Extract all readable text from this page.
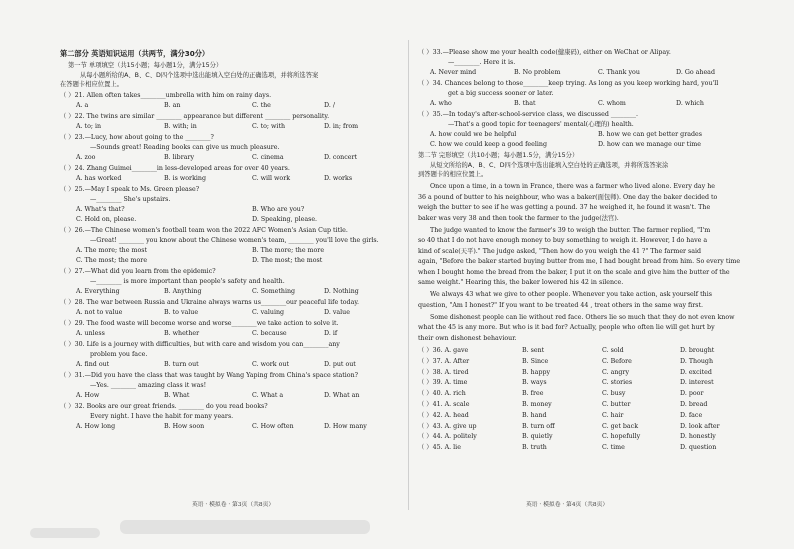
第二部分 英语知识运用（共两节，满分30分）
第一节 单项填空（共15小题；每小题1分，满分15分）
从每小题所给的A、B、C、D四个选项中选出能填入空白处的正确选项，并将所选答案
在答题卡相应位置上。
（ ）21. Allen often takes________umbrella with him on rainy days.
A. a	B. an	C. the	D. /
（ ）22. The twins are similar ________ appearance but different ________ personality.
A. to; in	B. with; in	C. to; with	D. in; from
（ ）23.—Lucy, how about going to the ________?
—Sounds great! Reading books can give us much pleasure.
A. zoo	B. library	C. cinema	D. concert
（ ）24. Zhang Guimei________in less-developed areas for over 40 years.
A. has worked	B. is working	C. will work	D. works
（ ）25.—May I speak to Ms. Green please?
—________ She's upstairs.
A. What's that?	B. Who are you?
C. Hold on, please.	D. Speaking, please.
（ ）26.—The Chinese women's football team won the 2022 AFC Women's Asian Cup title.
—Great! ________ you know about the Chinese women's team, ________ you'll love the girls.
A. The more; the most	B. The more; the more
C. The most; the more	D. The most; the most
（ ）27.—What did you learn from the epidemic?
—________ is more important than people's safety and health.
A. Everything	B. Anything	C. Something	D. Nothing
（ ）28. The war between Russia and Ukraine always warns us________our peaceful life today.
A. not to value	B. to value	C. valuing	D. value
（ ）29. The food waste will become worse and worse________we take action to solve it.
A. unless	B. whether	C. because	D. if
（ ）30. Life is a journey with difficulties, but with care and wisdom you can________any
problem you face.
A. find out	B. turn out	C. work out	D. put out
（ ）31.—Did you have the class that was taught by Wang Yaping from China's space station?
—Yes. ________ amazing class it was!
A. How	B. What	C. What a	D. What an
（ ）32. Books are our great friends. ________ do you read books?
Every night. I have the habit for many years.
A. How long	B. How soon	C. How often	D. How many
（ ）33.—Please show me your health code(健康码), either on WeChat or Alipay.
—________. Here it is.
A. Never mind	B. No problem	C. Thank you	D. Go ahead
（ ）34. Chances belong to those________keep trying. As long as you keep working hard, you'll
get a big success sooner or later.
A. who	B. that	C. whom	D. which
（ ）35.—In today's after-school-service class, we discussed ________.
—That's a good topic for teenagers' mental(心理的) health.
A. how could we be helpful	B. how we can get better grades
C. how we could keep a good feeling	D. how can we manage our time
第二节 完形填空（共10小题；每小题1.5分，满分15分）
从短文所给的A、B、C、D四个选项中选出能填入空白处的正确选项，并将所选答案涂
到答题卡的相应位置上。
Once upon a time, in a town in France, there was a farmer who lived alone. Every day he
36 a pound of butter to his neighbour, who was a baker(面包师). One day the baker decided to
weigh the butter to see if he was getting a pound. 37 he weighed it, he found it wasn't. The
baker was very 38 and then took the farmer to the judge(法官).
The judge wanted to know the farmer's 39 to weigh the butter. The farmer replied, "I'm
so 40 that I do not have enough money to buy something to weigh it. However, I do have a
kind of scale(天平)." The judge asked, "Then how do you weigh the 41 ?" The farmer said
again, "Before the baker started buying butter from me, I had bought bread from him. So every time
when I bought home the bread from the baker, I put it on the scale and give him the butter of the
same weight." Hearing this, the baker lowered his 42 in silence.
We always 43 what we give to other people. Whenever you take action, ask yourself this
question, "Am I honest?" If you want to be treated 44 , treat others in the same way first.
Some dishonest people can lie without red face. Others lie so much that they do not even know
what the 45 is any more. But who is it bad for? Actually, people who often lie will get hurt by
their own dishonest behaviour.
（ ）36. A. gave	B. sent	C. sold	D. brought
（ ）37. A. After	B. Since	C. Before	D. Though
（ ）38. A. tired	B. happy	C. angry	D. excited
（ ）39. A. time	B. ways	C. stories	D. interest
（ ）40. A. rich	B. free	C. busy	D. poor
（ ）41. A. scale	B. money	C. butter	D. bread
（ ）42. A. head	B. hand	C. hair	D. face
（ ）43. A. give up	B. turn off	C. get back	D. look after
（ ）44. A. politely	B. quietly	C. hopefully	D. honestly
（ ）45. A. lie	B. truth	C. time	D. question
英语 · 模拟卷 · 第3页（共8页）	英语 · 模拟卷 · 第4页（共8页）
